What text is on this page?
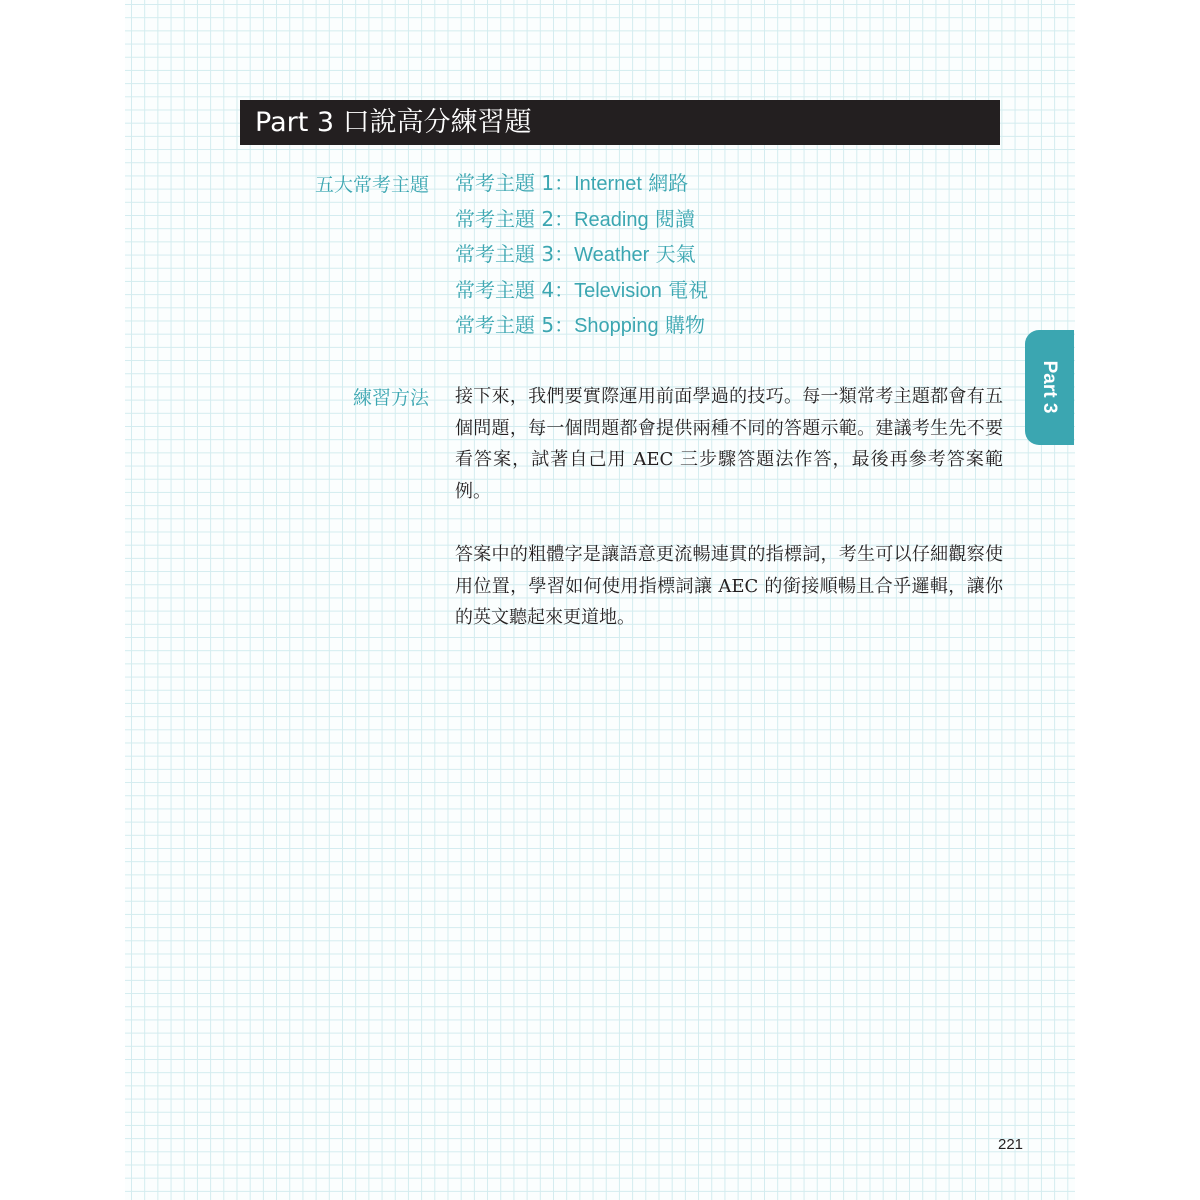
Part 3 口說高分練習題
五大常考主題 常考主題 1：Internet 網路
常考主題 2：Reading 閱讀
常考主題 3：Weather 天氣
常考主題 4：Television 電視
常考主題 5：Shopping 購物
練習方法 接下來，我們要實際運用前面學過的技巧。每一類常考主題都會有五個問題，每一個問題都會提供兩種不同的答題示範。建議考生先不要看答案，試著自己用 AEC 三步驟答題法作答，最後再參考答案範例。

答案中的粗體字是讓語意更流暢連貫的指標詞，考生可以仔細觀察使用位置，學習如何使用指標詞讓 AEC 的銜接順暢且合乎邏輯，讓你的英文聽起來更道地。

Part 3
221
